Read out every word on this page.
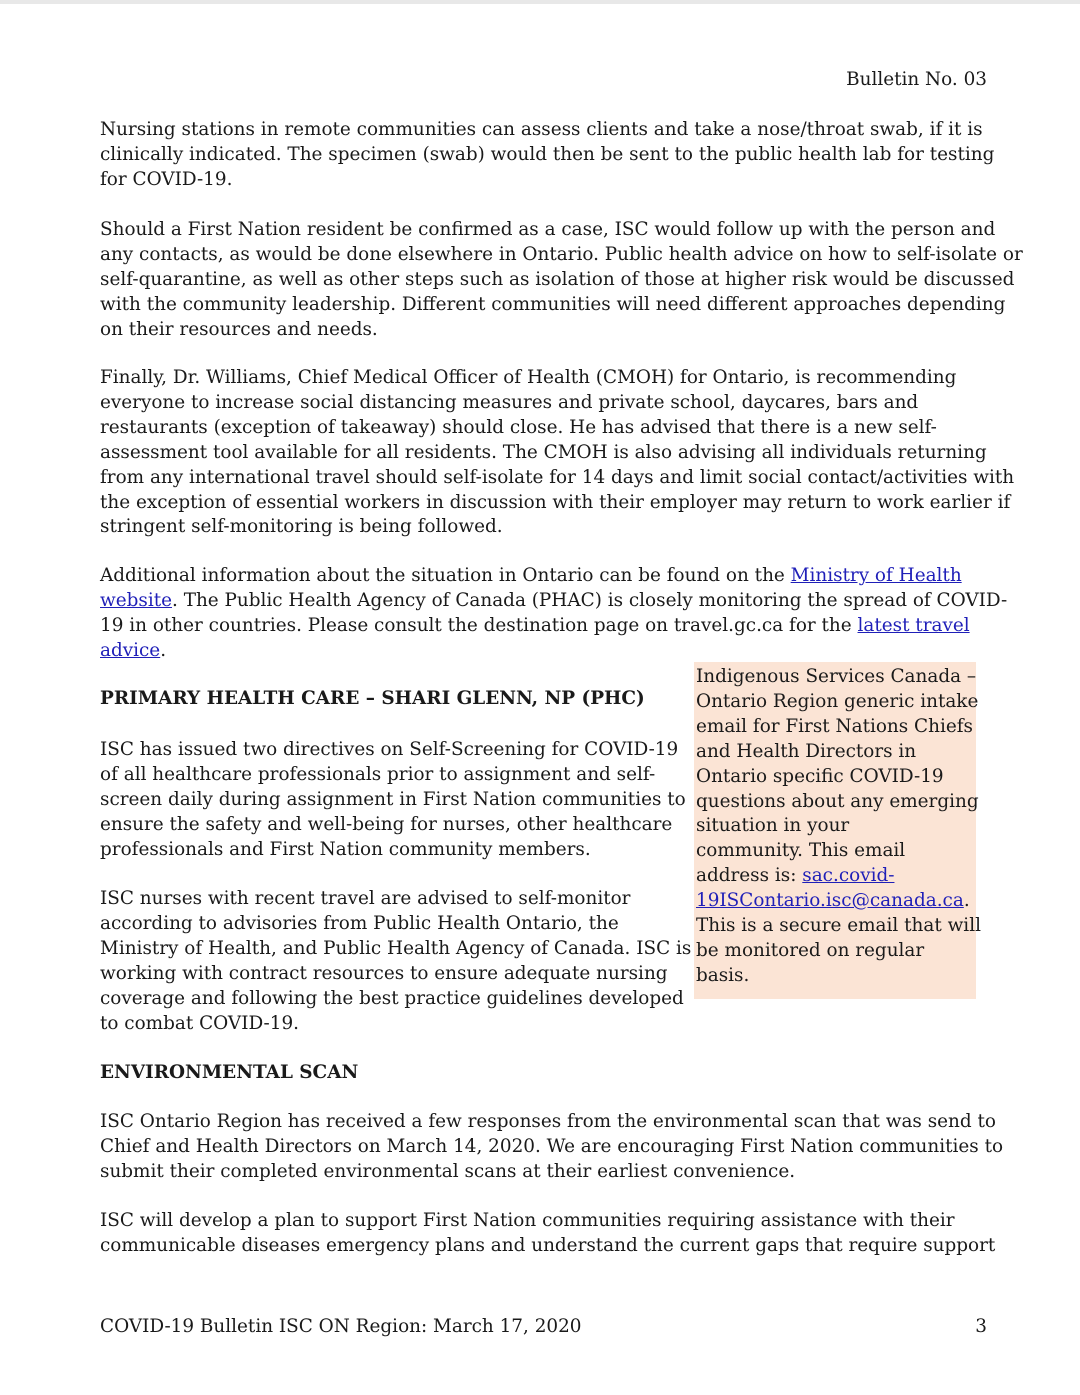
Bulletin No. 03
Nursing stations in remote communities can assess clients and take a nose/throat swab, if it is
clinically indicated. The specimen (swab) would then be sent to the public health lab for testing
for COVID-19.
Should a First Nation resident be confirmed as a case, ISC would follow up with the person and
any contacts, as would be done elsewhere in Ontario. Public health advice on how to self-isolate or
self-quarantine, as well as other steps such as isolation of those at higher risk would be discussed
with the community leadership. Different communities will need different approaches depending
on their resources and needs.
Finally, Dr. Williams, Chief Medical Officer of Health (CMOH) for Ontario, is recommending
everyone to increase social distancing measures and private school, daycares, bars and
restaurants (exception of takeaway) should close. He has advised that there is a new self-
assessment tool available for all residents. The CMOH is also advising all individuals returning
from any international travel should self-isolate for 14 days and limit social contact/activities with
the exception of essential workers in discussion with their employer may return to work earlier if
stringent self-monitoring is being followed.
Additional information about the situation in Ontario can be found on the Ministry of Health
website. The Public Health Agency of Canada (PHAC) is closely monitoring the spread of COVID-
19 in other countries. Please consult the destination page on travel.gc.ca for the latest travel
advice.
PRIMARY HEALTH CARE – SHARI GLENN, NP (PHC)
ISC has issued two directives on Self-Screening for COVID-19
of all healthcare professionals prior to assignment and self-
screen daily during assignment in First Nation communities to
ensure the safety and well-being for nurses, other healthcare
professionals and First Nation community members.
ISC nurses with recent travel are advised to self-monitor
according to advisories from Public Health Ontario, the
Ministry of Health, and Public Health Agency of Canada. ISC is
working with contract resources to ensure adequate nursing
coverage and following the best practice guidelines developed
to combat COVID-19.
Indigenous Services Canada –
Ontario Region generic intake
email for First Nations Chiefs
and Health Directors in
Ontario specific COVID-19
questions about any emerging
situation in your
community. This email
address is: sac.covid-
19ISContario.isc@canada.ca.
This is a secure email that will
be monitored on regular
basis.
ENVIRONMENTAL SCAN
ISC Ontario Region has received a few responses from the environmental scan that was send to
Chief and Health Directors on March 14, 2020. We are encouraging First Nation communities to
submit their completed environmental scans at their earliest convenience.
ISC will develop a plan to support First Nation communities requiring assistance with their
communicable diseases emergency plans and understand the current gaps that require support
COVID-19 Bulletin ISC ON Region: March 17, 2020	3
